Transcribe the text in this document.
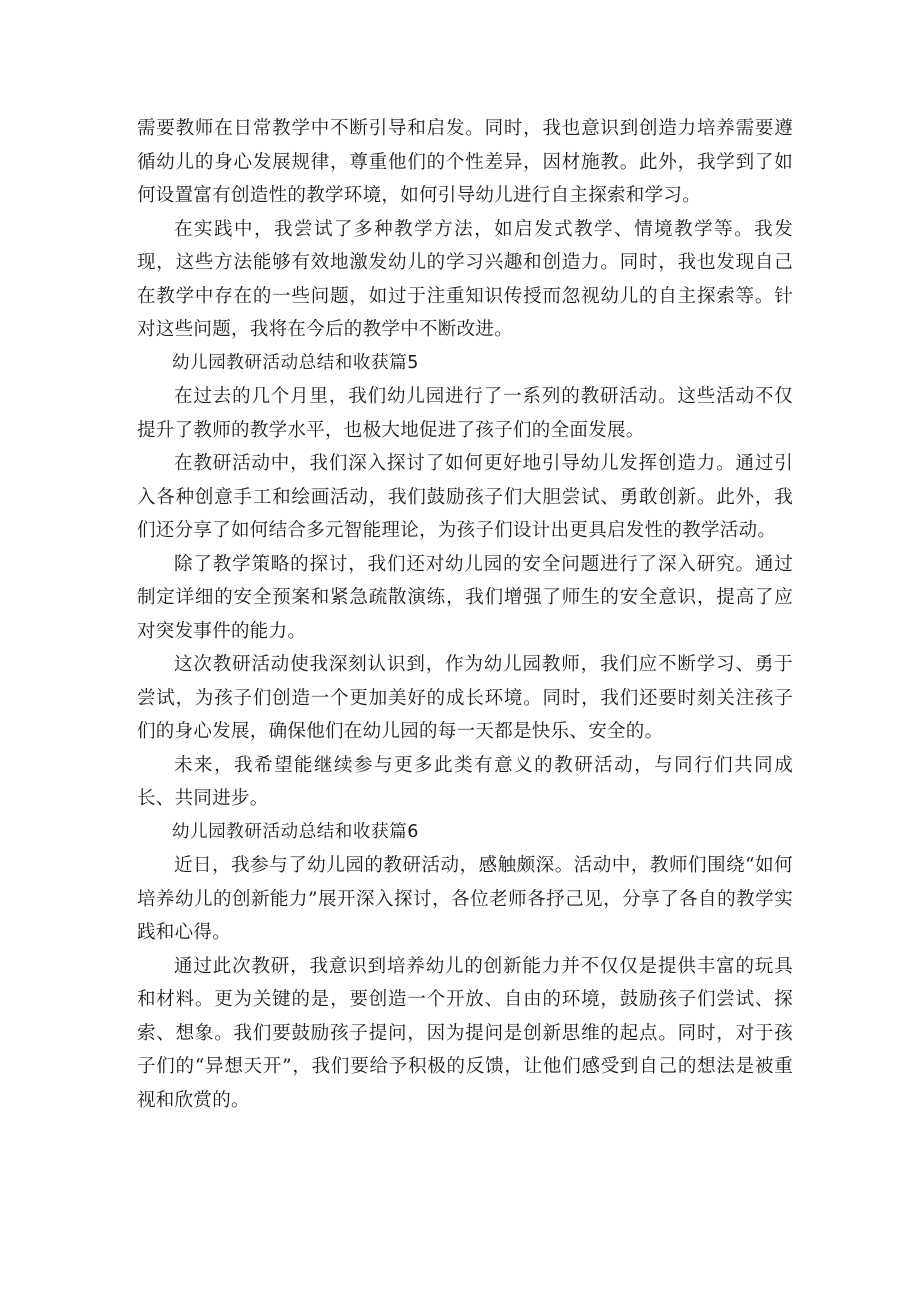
需要教师在日常教学中不断引导和启发。同时，我也意识到创造力培养需要遵循幼儿的身心发展规律，尊重他们的个性差异，因材施教。此外，我学到了如何设置富有创造性的教学环境，如何引导幼儿进行自主探索和学习。

在实践中，我尝试了多种教学方法，如启发式教学、情境教学等。我发现，这些方法能够有效地激发幼儿的学习兴趣和创造力。同时，我也发现自己在教学中存在的一些问题，如过于注重知识传授而忽视幼儿的自主探索等。针对这些问题，我将在今后的教学中不断改进。

幼儿园教研活动总结和收获篇5

在过去的几个月里，我们幼儿园进行了一系列的教研活动。这些活动不仅提升了教师的教学水平，也极大地促进了孩子们的全面发展。

在教研活动中，我们深入探讨了如何更好地引导幼儿发挥创造力。通过引入各种创意手工和绘画活动，我们鼓励孩子们大胆尝试、勇敢创新。此外，我们还分享了如何结合多元智能理论，为孩子们设计出更具启发性的教学活动。

除了教学策略的探讨，我们还对幼儿园的安全问题进行了深入研究。通过制定详细的安全预案和紧急疏散演练，我们增强了师生的安全意识，提高了应对突发事件的能力。

这次教研活动使我深刻认识到，作为幼儿园教师，我们应不断学习、勇于尝试，为孩子们创造一个更加美好的成长环境。同时，我们还要时刻关注孩子们的身心发展，确保他们在幼儿园的每一天都是快乐、安全的。

未来，我希望能继续参与更多此类有意义的教研活动，与同行们共同成长、共同进步。

幼儿园教研活动总结和收获篇6

近日，我参与了幼儿园的教研活动，感触颇深。活动中，教师们围绕“如何培养幼儿的创新能力”展开深入探讨，各位老师各抒己见，分享了各自的教学实践和心得。

通过此次教研，我意识到培养幼儿的创新能力并不仅仅是提供丰富的玩具和材料。更为关键的是，要创造一个开放、自由的环境，鼓励孩子们尝试、探索、想象。我们要鼓励孩子提问，因为提问是创新思维的起点。同时，对于孩子们的“异想天开”，我们要给予积极的反馈，让他们感受到自己的想法是被重视和欣赏的。
